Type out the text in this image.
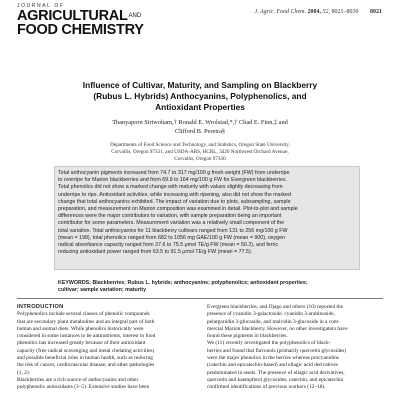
JOURNAL OF
$AGRICULTURAL^{AND}$
FOOD CHEMISTRY
J. Agric. Food Chem. 2004, 52, 8021–8030 8021
Influence of Cultivar, Maturity, and Sampling on Blackberry
(Rubus L. Hybrids) Anthocyanins, Polyphenolics, and
Antioxidant Properties
Thanyaporn Siriwoharn,† Ronald E. Wrolstad,*,† Chad E. Finn,‡ and
Clifford B. Pereira§
Departments of Food Science and Technology, and Statistics, Oregon State University,
Corvallis, Oregon 97331, and USDA-ARS, HCRL, 3420 Northwest Orchard Avenue,
Corvallis, Oregon 97330
Total anthocyanin pigments increased from 74.7 to 317 mg/100 g fresh weight (FW) from underripe
to overripe for Marion blackberries and from 69.9 to 164 mg/100 g FW for Evergreen blackberries.
Total phenolics did not show a marked change with maturity with values slightly decreasing from
underripe to ripe. Antioxidant activities, while increasing with ripening, also did not show the marked
change that total anthocyanins exhibited. The impact of variation due to plots, subsampling, sample
preparation, and measurement on Marion composition was examined in detail. Plot-to-plot and sample
differences were the major contributors to variation, with sample preparation being an important
contributor for some parameters. Measurement variation was a relatively small component of the
total variation. Total anthocyanins for 11 blackberry cultivars ranged from 131 to 256 mg/100 g FW
(mean = 198), total phenolics ranged from 682 to 1056 mg GAE/100 g FW (mean = 900), oxygen
radical absorbance capacity ranged from 37.6 to 75.5 μmol TE/g FW (mean = 50.2), and ferric
reducing antioxidant power ranged from 63.5 to 91.5 μmol TE/g FW (mean = 77.5).
KEYWORDS: Blackberries; Rubus L. hybrids; anthocyanins; polyphenolics; antioxidant properties;
cultivar; sample variation; maturity
INTRODUCTION
Polyphenolics include several classes of phenolic compounds
that are secondary plant metabolites and an integral part of both
human and animal diets. While phenolics historically were
considered in some instances to be antinutrients, interest in food
phenolics has increased greatly because of their antioxidant
capacity (free radical scavenging and metal chelating activities)
and possible beneficial roles in human health, such as reducing
the risk of cancer, cardiovascular disease, and other pathologies
(1, 2).
Blackberries are a rich source of anthocyanins and other
polyphenolic antioxidants (3–5). Extensive studies have been
Evergreen blackberries, and Djago and others (10) reported the
presence of cyanidin 3-galactoside, cyanidin 3-arabinoside,
pelargonidin 3-glucoside, and malvidin 3-glucoside in a com-
mercial Marion blackberry. However, no other investigators have
found these pigments in blackberries.
We (11) recently investigated the polyphenolics of black-
berries and found that flavonols (primarily quercetin glycosides)
were the major phenolics in the berries whereas procyanidins
(catechin and epicatechin-based) and ellagic acid derivatives
predominated in seeds. The presence of ellagic acid derivatives,
quercetin and kaempferol glycosides, catechin, and epicatechin
confirmed identifications of previous workers (12–18).
